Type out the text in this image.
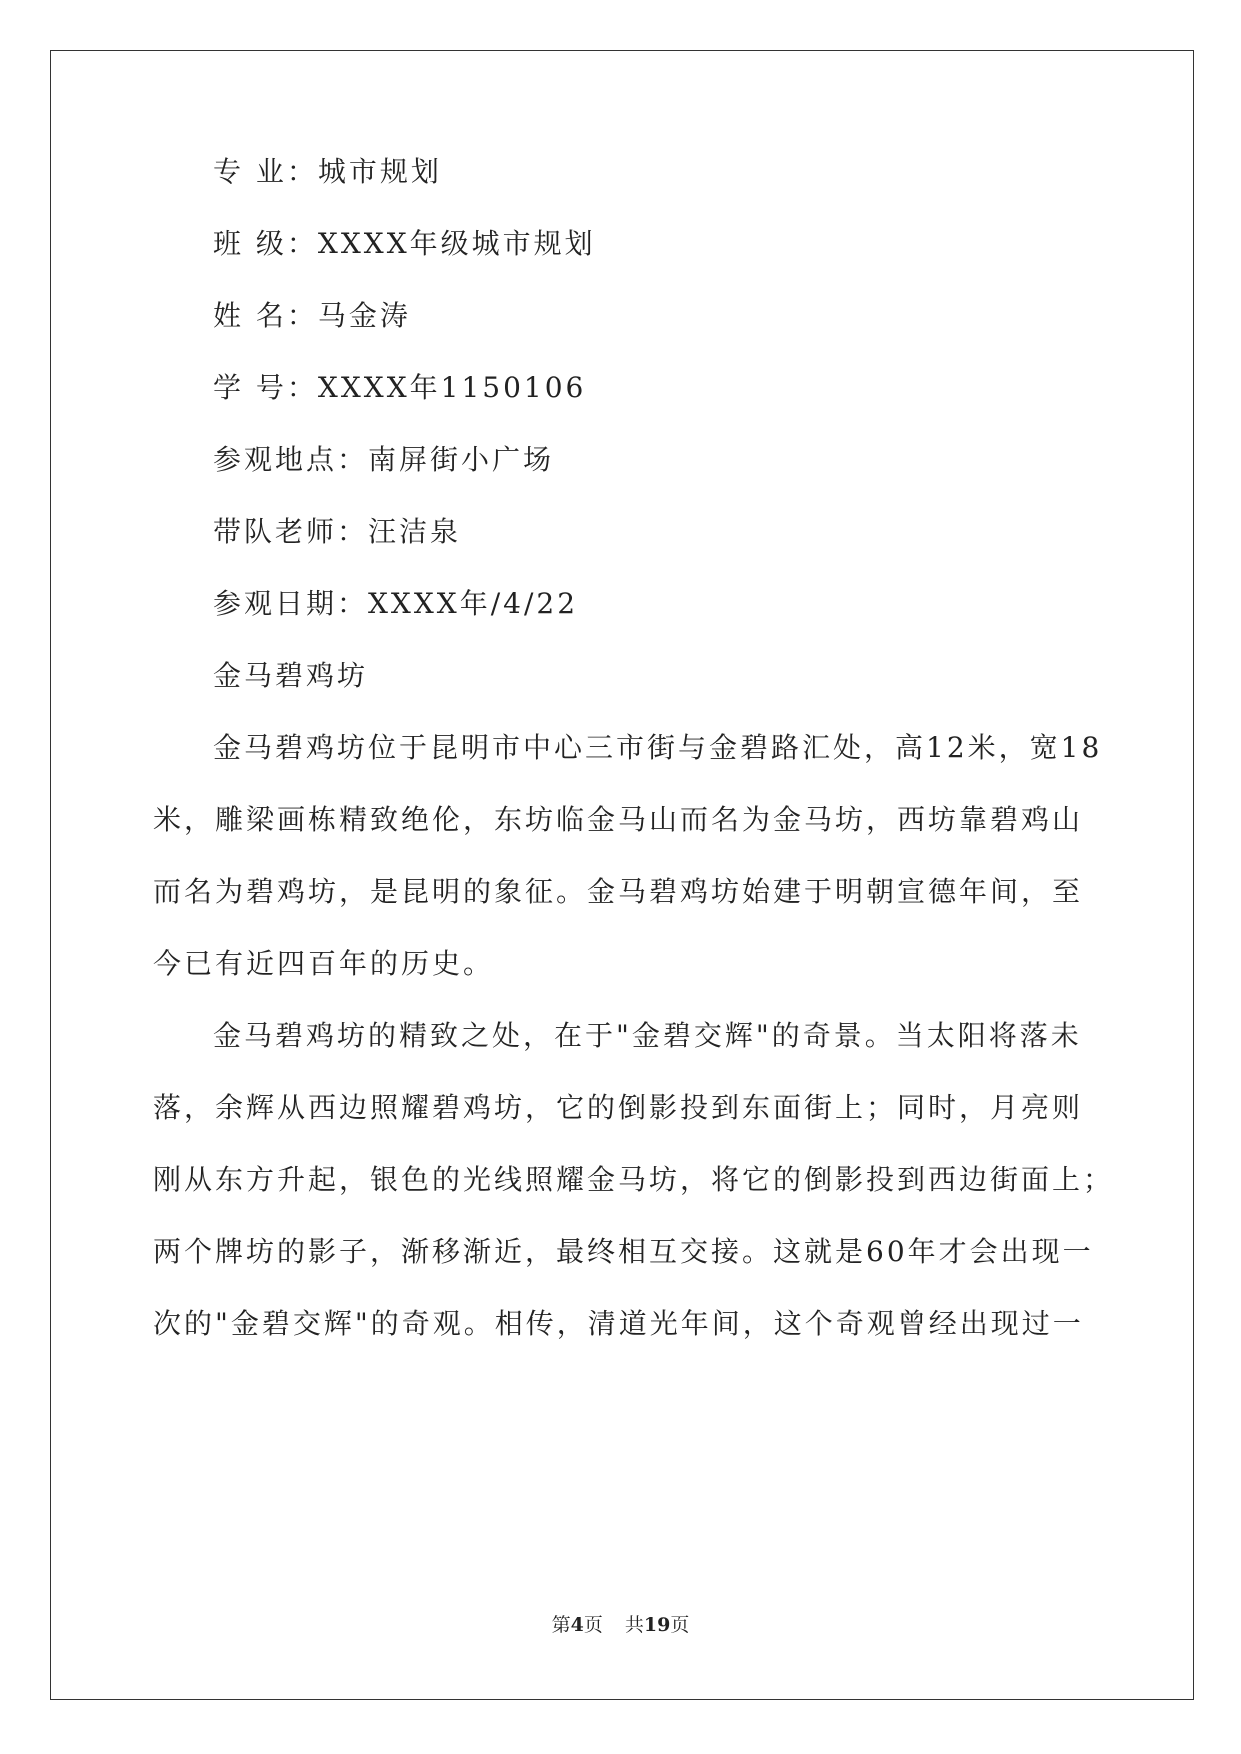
专 业：城市规划
班 级：XXXX年级城市规划
姓 名：马金涛
学 号：XXXX年1150106
参观地点：南屏街小广场
带队老师：汪洁泉
参观日期：XXXX年/4/22
金马碧鸡坊
金马碧鸡坊位于昆明市中心三市街与金碧路汇处，高12米，宽18
米，雕梁画栋精致绝伦，东坊临金马山而名为金马坊，西坊靠碧鸡山
而名为碧鸡坊，是昆明的象征。金马碧鸡坊始建于明朝宣德年间，至
今已有近四百年的历史。
金马碧鸡坊的精致之处，在于"金碧交辉"的奇景。当太阳将落未
落，余辉从西边照耀碧鸡坊，它的倒影投到东面街上；同时，月亮则
刚从东方升起，银色的光线照耀金马坊，将它的倒影投到西边街面上；
两个牌坊的影子，渐移渐近，最终相互交接。这就是60年才会出现一
次的"金碧交辉"的奇观。相传，清道光年间，这个奇观曾经出现过一
第4页 共19页
